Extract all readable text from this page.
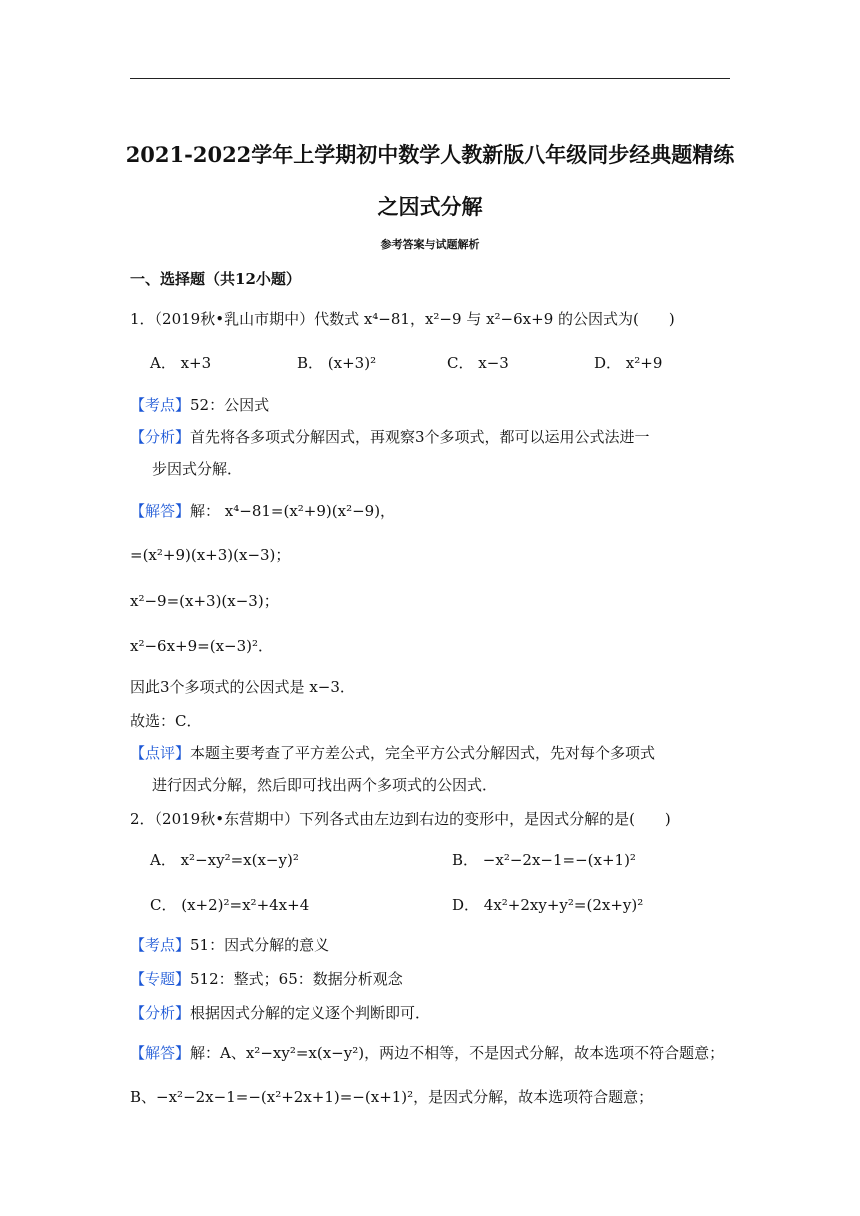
2021-2022学年上学期初中数学人教新版八年级同步经典题精练
之因式分解
参考答案与试题解析
一、选择题（共12小题）
1．（2019秋•乳山市期中）代数式 x⁴−81，x²−9 与 x²−6x+9 的公因式为(　　)
A． x+3	B． (x+3)²	C． x−3	D． x²+9
【考点】52：公因式
【分析】首先将各多项式分解因式，再观察3个多项式，都可以运用公式法进一
步因式分解．
【解答】解： x⁴−81=(x²+9)(x²−9)，
=(x²+9)(x+3)(x−3)；
x²−9=(x+3)(x−3)；
x²−6x+9=(x−3)²．
因此3个多项式的公因式是 x−3．
故选：C．
【点评】本题主要考查了平方差公式，完全平方公式分解因式，先对每个多项式
进行因式分解，然后即可找出两个多项式的公因式．
2．（2019秋•东营期中）下列各式由左边到右边的变形中，是因式分解的是(　　)
A． x²−xy²=x(x−y)²	B． −x²−2x−1=−(x+1)²
C． (x+2)²=x²+4x+4	D． 4x²+2xy+y²=(2x+y)²
【考点】51：因式分解的意义
【专题】512：整式；65：数据分析观念
【分析】根据因式分解的定义逐个判断即可．
【解答】解：A、x²−xy²=x(x−y²)，两边不相等，不是因式分解，故本选项不符合题意；
B、−x²−2x−1=−(x²+2x+1)=−(x+1)²，是因式分解，故本选项符合题意；
